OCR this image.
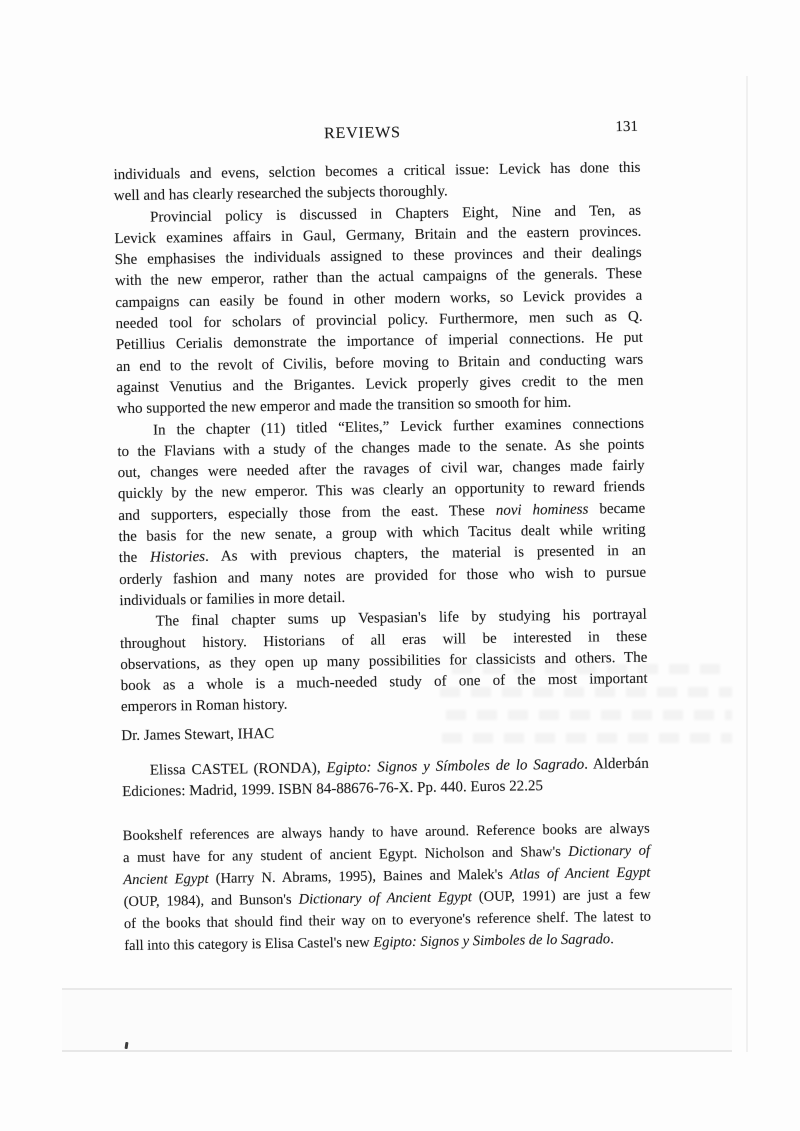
REVIEWS	131
individuals and evens, selction becomes a critical issue: Levick has done this
well and has clearly researched the subjects thoroughly.
Provincial policy is discussed in Chapters Eight, Nine and Ten, as
Levick examines affairs in Gaul, Germany, Britain and the eastern provinces.
She emphasises the individuals assigned to these provinces and their dealings
with the new emperor, rather than the actual campaigns of the generals. These
campaigns can easily be found in other modern works, so Levick provides a
needed tool for scholars of provincial policy. Furthermore, men such as Q.
Petillius Cerialis demonstrate the importance of imperial connections. He put
an end to the revolt of Civilis, before moving to Britain and conducting wars
against Venutius and the Brigantes. Levick properly gives credit to the men
who supported the new emperor and made the transition so smooth for him.
In the chapter (11) titled “Elites,” Levick further examines connections
to the Flavians with a study of the changes made to the senate. As she points
out, changes were needed after the ravages of civil war, changes made fairly
quickly by the new emperor. This was clearly an opportunity to reward friends
and supporters, especially those from the east. These novi hominess became
the basis for the new senate, a group with which Tacitus dealt while writing
the Histories. As with previous chapters, the material is presented in an
orderly fashion and many notes are provided for those who wish to pursue
individuals or families in more detail.
The final chapter sums up Vespasian's life by studying his portrayal
throughout history. Historians of all eras will be interested in these
observations, as they open up many possibilities for classicists and others. The
book as a whole is a much-needed study of one of the most important
emperors in Roman history.

Dr. James Stewart, IHAC

Elissa CASTEL (RONDA), Egipto: Signos y Símboles de lo Sagrado. Alderbán
Ediciones: Madrid, 1999. ISBN 84-88676-76-X. Pp. 440. Euros 22.25
Bookshelf references are always handy to have around. Reference books are always
a must have for any student of ancient Egypt. Nicholson and Shaw's Dictionary of
Ancient Egypt (Harry N. Abrams, 1995), Baines and Malek's Atlas of Ancient Egypt
(OUP, 1984), and Bunson's Dictionary of Ancient Egypt (OUP, 1991) are just a few
of the books that should find their way on to everyone's reference shelf. The latest to
fall into this category is Elisa Castel's new Egipto: Signos y Simboles de lo Sagrado.
